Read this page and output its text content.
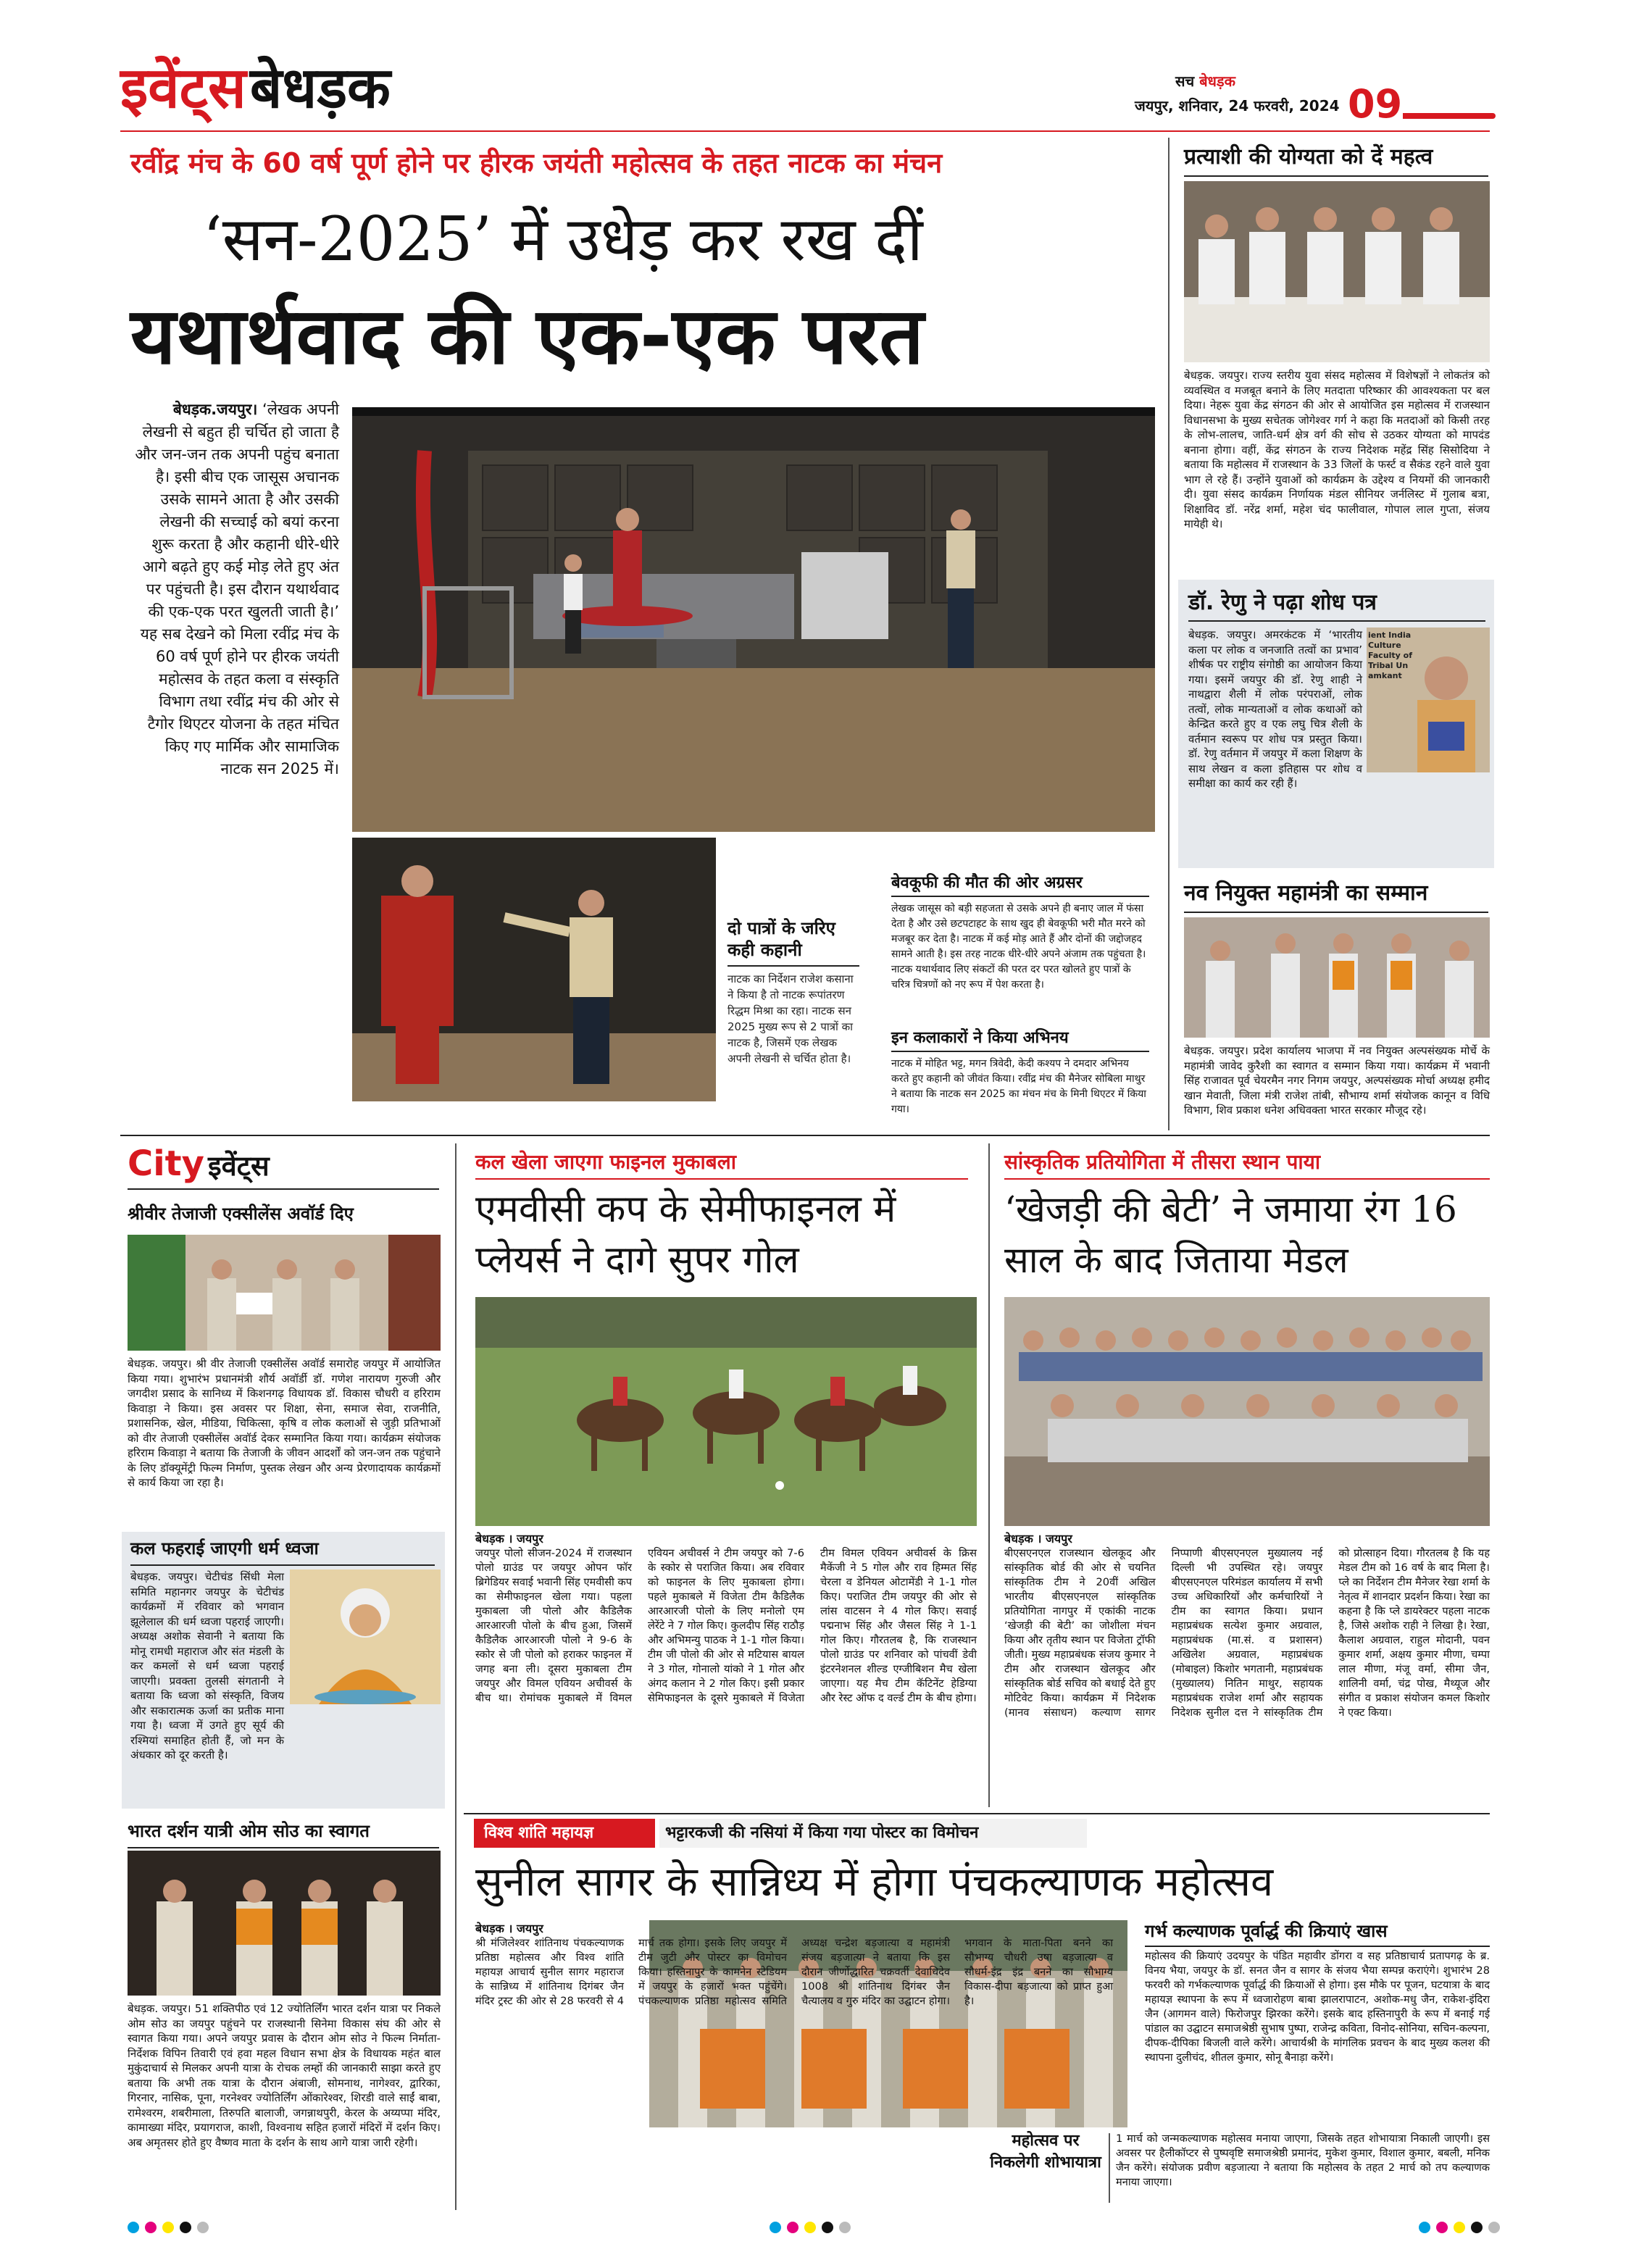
इवेंट्स बेधड़क	सच बेधड़क
जयपुर, शनिवार, 24 फरवरी, 2024 09
रवींद्र मंच के 60 वर्ष पूर्ण होने पर हीरक जयंती महोत्सव के तहत नाटक का मंचन
‘सन-2025’ में उधेड़ कर रख दीं
यथार्थवाद की एक-एक परत
बेधड़क.जयपुर। ‘लेखक अपनी लेखनी से बहुत ही चर्चित हो जाता है और जन-जन तक अपनी पहुंच बनाता है। इसी बीच एक जासूस अचानक उसके सामने आता है और उसकी लेखनी की सच्चाई को बयां करना शुरू करता है और कहानी धीरे-धीरे आगे बढ़ते हुए कई मोड़ लेते हुए अंत पर पहुंचती है। इस दौरान यथार्थवाद की एक-एक परत खुलती जाती है।’ यह सब देखने को मिला रवींद्र मंच के 60 वर्ष पूर्ण होने पर हीरक जयंती महोत्सव के तहत कला व संस्कृति विभाग तथा रवींद्र मंच की ओर से टैगोर थिएटर योजना के तहत मंचित किए गए मार्मिक और सामाजिक नाटक सन 2025 में।
दो पात्रों के जरिए कही कहानी
नाटक का निर्देशन राजेश कसाना ने किया है तो नाटक रूपांतरण रिद्धम मिश्रा का रहा। नाटक सन 2025 मुख्य रूप से 2 पात्रों का नाटक है, जिसमें एक लेखक अपनी लेखनी से चर्चित होता है।
बेवकूफी की मौत की ओर अग्रसर
लेखक जासूस को बड़ी सहजता से उसके अपने ही बनाए जाल में फंसा देता है और उसे छटपटाहट के साथ खुद ही बेवकूफी भरी मौत मरने को मजबूर कर देता है। नाटक में कई मोड़ आते हैं और दोनों की जद्दोजहद सामने आती है। इस तरह नाटक धीरे-धीरे अपने अंजाम तक पहुंचता है। नाटक यथार्थवाद लिए संकटों की परत दर परत खोलते हुए पात्रों के चरित्र चित्रणों को नए रूप में पेश करता है।
इन कलाकारों ने किया अभिनय
नाटक में मोहित भट्ट, मगन त्रिवेदी, केदी कश्यप ने दमदार अभिनय करते हुए कहानी को जीवंत किया। रवींद्र मंच की मैनेजर सोबिला माथुर ने बताया कि नाटक सन 2025 का मंचन मंच के मिनी थिएटर में किया गया।
प्रत्याशी की योग्यता को दें महत्व
बेधड़क. जयपुर। राज्य स्तरीय युवा संसद महोत्सव में विशेषज्ञों ने लोकतंत्र को व्यवस्थित व मजबूत बनाने के लिए मतदाता परिष्कार की आवश्यकता पर बल दिया। नेहरू युवा केंद्र संगठन की ओर से आयोजित इस महोत्सव में राजस्थान विधानसभा के मुख्य सचेतक जोगेश्वर गर्ग ने कहा कि मतदाओं को किसी तरह के लोभ-लालच, जाति-धर्म क्षेत्र वर्ग की सोच से उठकर योग्यता को मापदंड बनाना होगा। वहीं, केंद्र संगठन के राज्य निदेशक महेंद्र सिंह सिसोदिया ने बताया कि महोत्सव में राजस्थान के 33 जिलों के फर्स्ट व सैकंड रहने वाले युवा भाग ले रहे हैं। उन्होंने युवाओं को कार्यक्रम के उद्देश्य व नियमों की जानकारी दी। युवा संसद कार्यक्रम निर्णायक मंडल सीनियर जर्नलिस्ट में गुलाब बत्रा, शिक्षाविद डॉ. नरेंद्र शर्मा, महेश चंद फालीवाल, गोपाल लाल गुप्ता, संजय मायेही थे।
डॉ. रेणु ने पढ़ा शोध पत्र
ient India Culture Faculty of Tribal Un amkant
बेधड़क. जयपुर। अमरकंटक में ‘भारतीय कला पर लोक व जनजाति तत्वों का प्रभाव’ शीर्षक पर राष्ट्रीय संगोष्ठी का आयोजन किया गया। इसमें जयपुर की डॉ. रेणु शाही ने नाथद्वारा शैली में लोक परंपराओं, लोक तत्वों, लोक मान्यताओं व लोक कथाओं को केन्द्रित करते हुए व एक लघु चित्र शैली के वर्तमान स्वरूप पर शोध पत्र प्रस्तुत किया। डॉ. रेणु वर्तमान में जयपुर में कला शिक्षण के साथ लेखन व कला इतिहास पर शोध व समीक्षा का कार्य कर रही हैं।
नव नियुक्त महामंत्री का सम्मान
बेधड़क. जयपुर। प्रदेश कार्यालय भाजपा में नव नियुक्त अल्पसंख्यक मोर्चे के महामंत्री जावेद कुरैशी का स्वागत व सम्मान किया गया। कार्यक्रम में भवानी सिंह राजावत पूर्व चेयरमैन नगर निगम जयपुर, अल्पसंख्यक मोर्चा अध्यक्ष हमीद खान मेवाती, जिला मंत्री राजेश तांबी, सौभाग्य शर्मा संयोजक कानून व विधि विभाग, शिव प्रकाश धनेश अधिवक्ता भारत सरकार मौजूद रहे।
City इवेंट्स
श्रीवीर तेजाजी एक्सीलेंस अवॉर्ड दिए
बेधड़क. जयपुर। श्री वीर तेजाजी एक्सीलेंस अवॉर्ड समारोह जयपुर में आयोजित किया गया। शुभारंभ प्रधानमंत्री शौर्य अवॉर्डी डॉ. गणेश नारायण गुरुजी और जगदीश प्रसाद के सानिध्य में किशनगढ़ विधायक डॉ. विकास चौधरी व हरिराम किवाड़ा ने किया। इस अवसर पर शिक्षा, सेना, समाज सेवा, राजनीति, प्रशासनिक, खेल, मीडिया, चिकित्सा, कृषि व लोक कलाओं से जुड़ी प्रतिभाओं को वीर तेजाजी एक्सीलेंस अवॉर्ड देकर सम्मानित किया गया। कार्यक्रम संयोजक हरिराम किवाड़ा ने बताया कि तेजाजी के जीवन आदर्शों को जन-जन तक पहुंचाने के लिए डॉक्यूमेंट्री फिल्म निर्माण, पुस्तक लेखन और अन्य प्रेरणादायक कार्यक्रमों से कार्य किया जा रहा है।
कल फहराई जाएगी धर्म ध्वजा
बेधड़क. जयपुर। चेटीचंड सिंधी मेला समिति महानगर जयपुर के चेटीचंड कार्यक्रमों में रविवार को भगवान झूलेलाल की धर्म ध्वजा पहराई जाएगी। अध्यक्ष अशोक सेवानी ने बताया कि मोनू रामधी महाराज और संत मंडली के कर कमलों से धर्म ध्वजा पहराई जाएगी। प्रवक्ता तुलसी संगतानी ने बताया कि ध्वजा को संस्कृति, विजय और सकारात्मक ऊर्जा का प्रतीक माना गया है। ध्वजा में उगते हुए सूर्य की रश्मियां समाहित होती हैं, जो मन के अंधकार को दूर करती है।
भारत दर्शन यात्री ओम सोउ का स्वागत
बेधड़क. जयपुर। 51 शक्तिपीठ एवं 12 ज्योतिर्लिंग भारत दर्शन यात्रा पर निकले ओम सोउ का जयपुर पहुंचने पर राजस्थानी सिनेमा विकास संघ की ओर से स्वागत किया गया। अपने जयपुर प्रवास के दौरान ओम सोउ ने फिल्म निर्माता-निर्देशक विपिन तिवारी एवं हवा महल विधान सभा क्षेत्र के विधायक महंत बाल मुकुंदाचार्य से मिलकर अपनी यात्रा के रोचक लम्हों की जानकारी साझा करते हुए बताया कि अभी तक यात्रा के दौरान अंबाजी, सोमनाथ, नागेश्वर, द्वारिका, गिरनार, नासिक, पूना, गरनेश्वर ज्योतिर्लिंग ओंकारेश्वर, शिरडी वाले साईं बाबा, रामेश्वरम, शबरीमाला, तिरुपति बालाजी, जगन्नाथपुरी, केरल के अय्यप्पा मंदिर, कामाख्या मंदिर, प्रयागराज, काशी, विश्वनाथ सहित हजारों मंदिरों में दर्शन किए। अब अमृतसर होते हुए वैष्णव माता के दर्शन के साथ आगे यात्रा जारी रहेगी।
कल खेला जाएगा फाइनल मुकाबला
एमवीसी कप के सेमीफाइनल में प्लेयर्स ने दागे सुपर गोल
बेधड़क । जयपुर
जयपुर पोलो सीजन-2024 में राजस्थान पोलो ग्राउंड पर जयपुर ओपन फॉर ब्रिगेडियर सवाई भवानी सिंह एमवीसी कप का सेमीफाइनल खेला गया। पहला मुकाबला जी पोलो और कैडिलैक आरआरजी पोलो के बीच हुआ, जिसमें कैडिलैक आरआरजी पोलो ने 9-6 के स्कोर से जी पोलो को हराकर फाइनल में जगह बना ली। दूसरा मुकाबला टीम जयपुर और विमल एवियन अचीवर्स के बीच था। रोमांचक मुकाबले में विमल एवियन अचीवर्स ने टीम जयपुर को 7-6 के स्कोर से पराजित किया। अब रविवार को फाइनल के लिए मुकाबला होगा। पहले मुकाबले में विजेता टीम कैडिलैक आरआरजी पोलो के लिए मनोलो एम लेरेंटे ने 7 गोल किए। कुलदीप सिंह राठौड़ और अभिमन्यु पाठक ने 1-1 गोल किया। टीम जी पोलो की ओर से मटियास बायल ने 3 गोल, गोनालो यांको ने 1 गोल और अंगद कलान ने 2 गोल किए। इसी प्रकार सेमिफाइनल के दूसरे मुकाबले में विजेता टीम विमल एवियन अचीवर्स के क्रिस मैकेंजी ने 5 गोल और राव हिम्मत सिंह चेरला व डेनियल ओटामेंडी ने 1-1 गोल किए। पराजित टीम जयपुर की ओर से लांस वाटसन ने 4 गोल किए। सवाई पद्मनाभ सिंह और जैसल सिंह ने 1-1 गोल किए। गौरतलब है, कि राजस्थान पोलो ग्राउंड पर शनिवार को पांचवीं डेवी इंटरनेशनल शील्ड एग्जीबिशन मैच खेला जाएगा। यह मैच टीम कॅटिनेंट हेडिग्या और रेस्ट ऑफ द वर्ल्ड टीम के बीच होगा।
सांस्कृतिक प्रतियोगिता में तीसरा स्थान पाया
‘खेजड़ी की बेटी’ ने जमाया रंग 16 साल के बाद जिताया मेडल
बेधड़क । जयपुर
बीएसएनएल राजस्थान खेलकूद और सांस्कृतिक बोर्ड की ओर से चयनित सांस्कृतिक टीम ने 20वीं अखिल भारतीय बीएसएनएल सांस्कृतिक प्रतियोगिता नागपुर में एकांकी नाटक ‘खेजड़ी की बेटी’ का जोशीला मंचन किया और तृतीय स्थान पर विजेता ट्रॉफी जीती। मुख्य महाप्रबंधक संजय कुमार ने टीम और राजस्थान खेलकूद और सांस्कृतिक बोर्ड सचिव को बधाई देते हुए मोटिवेट किया। कार्यक्रम में निदेशक (मानव संसाधन) कल्याण सागर निप्पाणी बीएसएनएल मुख्यालय नई दिल्ली भी उपस्थित रहे। जयपुर बीएसएनएल परिमंडल कार्यालय में सभी उच्च अधिकारियों और कर्मचारियों ने टीम का स्वागत किया। प्रधान महाप्रबंधक सत्येश कुमार अग्रवाल, महाप्रबंधक (मा.सं. व प्रशासन) अखिलेश अग्रवाल, महाप्रबंधक (मोबाइल) किशोर भगतानी, महाप्रबंधक (मुख्यालय) नितिन माथुर, सहायक महाप्रबंधक राजेश शर्मा और सहायक निदेशक सुनील दत्त ने सांस्कृतिक टीम को प्रोत्साहन दिया। गौरतलब है कि यह मेडल टीम को 16 वर्ष के बाद मिला है। प्ले का निर्देशन टीम मैनेजर रेखा शर्मा के नेतृत्व में शानदार प्रदर्शन किया। रेखा का कहना है कि प्ले डायरेक्टर पहला नाटक है, जिसे अशोक राही ने लिखा है। रेखा, कैलाश अग्रवाल, राहुल मोदानी, पवन कुमार शर्मा, अक्षय कुमार मीणा, चम्पा लाल मीणा, मंजू वर्मा, सीमा जैन, शालिनी वर्मा, चंद्र पोख, मैथ्यूज और संगीत व प्रकाश संयोजन कमल किशोर ने एक्ट किया।
विश्व शांति महायज्ञ	भट्टारकजी की नसियां में किया गया पोस्टर का विमोचन
सुनील सागर के सान्निध्य में होगा पंचकल्याणक महोत्सव
बेधड़क । जयपुर
श्री मंजिलेश्वर शांतिनाथ पंचकल्याणक प्रतिष्ठा महोत्सव और विश्व शांति महायज्ञ आचार्य सुनील सागर महाराज के सान्निध्य में शांतिनाथ दिगंबर जैन मंदिर ट्रस्ट की ओर से 28 फरवरी से 4 मार्च तक होगा। इसके लिए जयपुर में टीम जुटी और पोस्टर का विमोचन किया। हस्तिनापुर के कामनेन स्टेडियम में जयपुर के हजारों भक्त पहुंचेंगे। पंचकल्याणक प्रतिष्ठा महोत्सव समिति अध्यक्ष चन्द्रेश बड़जात्या व महामंत्री संजय बड़जात्या ने बताया कि इस दौरान जीर्णोद्धारित चक्रवर्ती देवाधिदेव 1008 श्री शांतिनाथ दिगंबर जैन चैत्यालय व गुरु मंदिर का उद्घाटन होगा। भगवान के माता-पिता बनने का सौभाग्य चौधरी उषा बड़जात्या व सौधर्म-इंद्र इंद्र बनने का सौभाग्य विकास-दीपा बड़जात्या को प्राप्त हुआ है।
गर्भ कल्याणक पूर्वार्द्ध की क्रियाएं खास
महोत्सव की क्रियाएं उदयपुर के पंडित महावीर डोंगरा व सह प्रतिष्ठाचार्य प्रतापगढ़ के ब्र. विनय भैया, जयपुर के डॉ. सनत जैन व सागर के संजय भैया सम्पन्न कराएंगे। शुभारंभ 28 फरवरी को गर्भकल्याणक पूर्वार्द्ध की क्रियाओं से होगा। इस मौके पर पूजन, घटयात्रा के बाद महायज्ञ स्थापना के रूप में ध्वजारोहण बाबा झालरापाटन, अशोक-मधु जैन, राकेश-इंदिरा जैन (आगमन वाले) फिरोजपुर झिरका करेंगे। इसके बाद हस्तिनापुरी के रूप में बनाई गई पांडाल का उद्घाटन समाजश्रेष्ठी सुभाष पुष्पा, राजेन्द्र कविता, विनोद-सोनिया, सचिन-कल्पना, दीपक-दीपिका बिजली वाले करेंगे। आचार्यश्री के मांगलिक प्रवचन के बाद मुख्य कलश की स्थापना दुलीचंद, शीतल कुमार, सोनू बैनाड़ा करेंगे।
महोत्सव पर निकलेगी शोभायात्रा
1 मार्च को जन्मकल्याणक महोत्सव मनाया जाएगा, जिसके तहत शोभायात्रा निकाली जाएगी। इस अवसर पर हैलीकॉप्टर से पुष्पवृष्टि समाजश्रेष्ठी प्रमानंद, मुकेश कुमार, विशाल कुमार, बबली, मनिक जैन करेंगे। संयोजक प्रवीण बड़जात्या ने बताया कि महोत्सव के तहत 2 मार्च को तप कल्याणक मनाया जाएगा।
